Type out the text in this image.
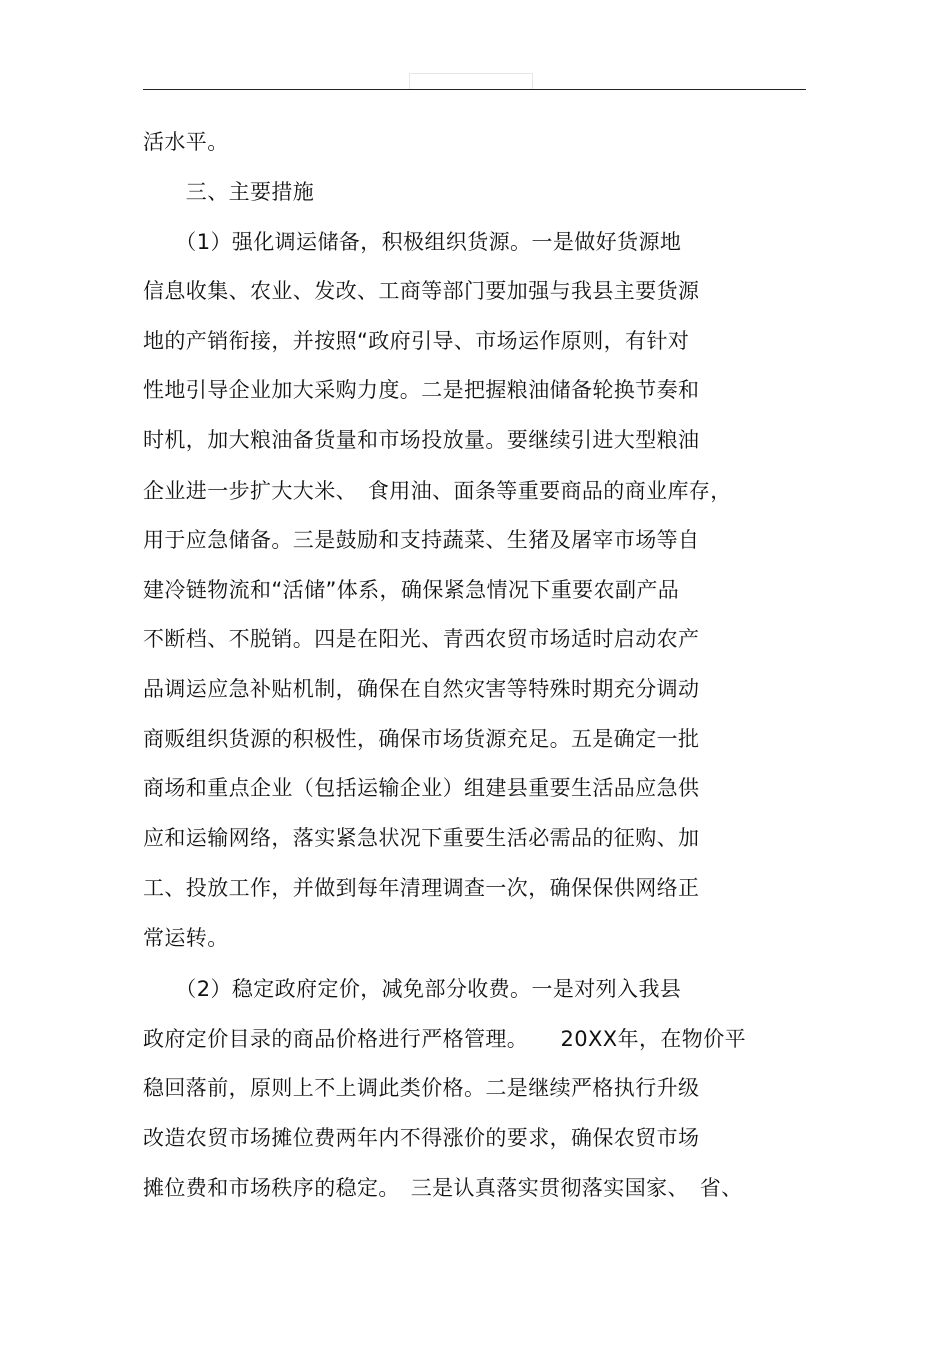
活水平。
　　三、主要措施
　　（1）强化调运储备，积极组织货源。一是做好货源地
信息收集、农业、发改、工商等部门要加强与我县主要货源
地的产销衔接，并按照“政府引导、市场运作原则，有针对
性地引导企业加大采购力度。二是把握粮油储备轮换节奏和
时机，加大粮油备货量和市场投放量。要继续引进大型粮油
企业进一步扩大大米、　食用油、面条等重要商品的商业库存，
用于应急储备。三是鼓励和支持蔬菜、生猪及屠宰市场等自
建冷链物流和“活储”体系，确保紧急情况下重要农副产品
不断档、不脱销。四是在阳光、青西农贸市场适时启动农产
品调运应急补贴机制，确保在自然灾害等特殊时期充分调动
商贩组织货源的积极性，确保市场货源充足。五是确定一批
商场和重点企业（包括运输企业）组建县重要生活品应急供
应和运输网络，落实紧急状况下重要生活必需品的征购、加
工、投放工作，并做到每年清理调查一次，确保保供网络正
常运转。
　　（2）稳定政府定价，减免部分收费。一是对列入我县
政府定价目录的商品价格进行严格管理。　　20XX年，在物价平
稳回落前，原则上不上调此类价格。二是继续严格执行升级
改造农贸市场摊位费两年内不得涨价的要求，确保农贸市场
摊位费和市场秩序的稳定。　三是认真落实贯彻落实国家、　省、
